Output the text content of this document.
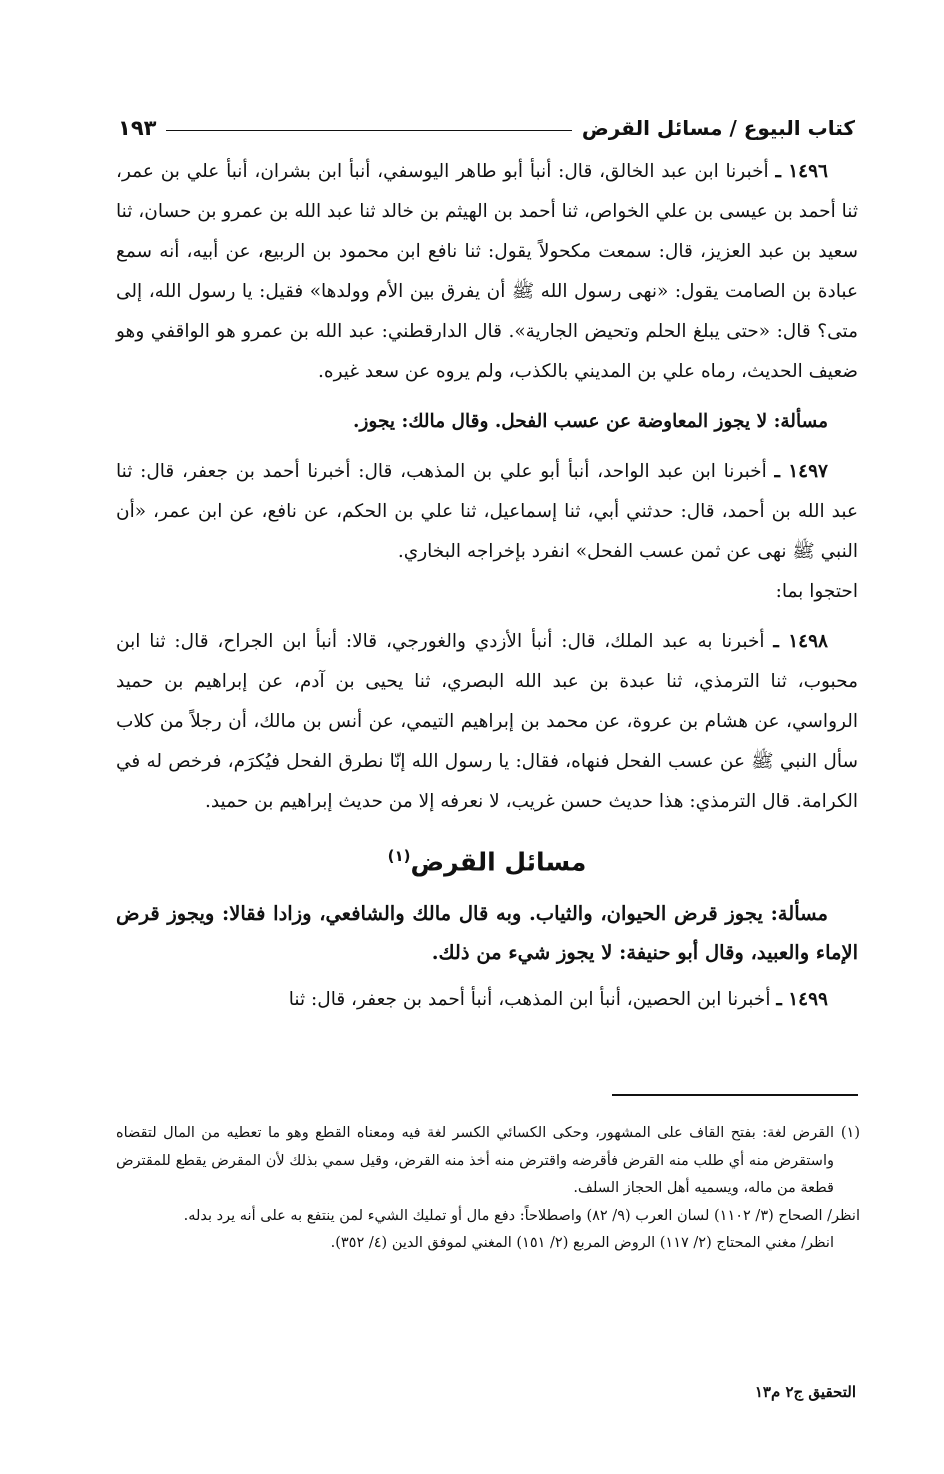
كتاب البيوع / مسائل القرض
١٩٣

١٤٩٦ ـ أخبرنا ابن عبد الخالق، قال: أنبأ أبو طاهر اليوسفي، أنبأ ابن بشران، أنبأ علي بن عمر، ثنا أحمد بن عيسى بن علي الخواص، ثنا أحمد بن الهيثم بن خالد ثنا عبد الله بن عمرو بن حسان، ثنا سعيد بن عبد العزيز، قال: سمعت مكحولاً يقول: ثنا نافع ابن محمود بن الربيع، عن أبيه، أنه سمع عبادة بن الصامت يقول: «نهى رسول الله ﷺ أن يفرق بين الأم وولدها» فقيل: يا رسول الله، إلى متى؟ قال: «حتى يبلغ الحلم وتحيض الجارية». قال الدارقطني: عبد الله بن عمرو هو الواقفي وهو ضعيف الحديث، رماه علي بن المديني بالكذب، ولم يروه عن سعد غيره.

مسألة: لا يجوز المعاوضة عن عسب الفحل. وقال مالك: يجوز.

١٤٩٧ ـ أخبرنا ابن عبد الواحد، أنبأ أبو علي بن المذهب، قال: أخبرنا أحمد بن جعفر، قال: ثنا عبد الله بن أحمد، قال: حدثني أبي، ثنا إسماعيل، ثنا علي بن الحكم، عن نافع، عن ابن عمر، «أن النبي ﷺ نهى عن ثمن عسب الفحل» انفرد بإخراجه البخاري.

احتجوا بما:

١٤٩٨ ـ أخبرنا به عبد الملك، قال: أنبأ الأزدي والغورجي، قالا: أنبأ ابن الجراح، قال: ثنا ابن محبوب، ثنا الترمذي، ثنا عبدة بن عبد الله البصري، ثنا يحيى بن آدم، عن إبراهيم بن حميد الرواسي، عن هشام بن عروة، عن محمد بن إبراهيم التيمي، عن أنس بن مالك، أن رجلاً من كلاب سأل النبي ﷺ عن عسب الفحل فنهاه، فقال: يا رسول الله إنّا نطرق الفحل فيُكرَم، فرخص له في الكرامة. قال الترمذي: هذا حديث حسن غريب، لا نعرفه إلا من حديث إبراهيم بن حميد.

مسائل القرض$^{(١)}$

مسألة: يجوز قرض الحيوان، والثياب. وبه قال مالك والشافعي، وزادا فقالا: ويجوز قرض الإماء والعبيد، وقال أبو حنيفة: لا يجوز شيء من ذلك.

١٤٩٩ ـ أخبرنا ابن الحصين، أنبأ ابن المذهب، أنبأ أحمد بن جعفر، قال: ثنا

(١)
القرض لغة: بفتح القاف على المشهور، وحكى الكسائي الكسر لغة فيه ومعناه القطع وهو ما تعطيه من المال لتقضاه واستقرض منه أي طلب منه القرض فأقرضه واقترض منه أخذ منه القرض، وقيل سمي بذلك لأن المقرض يقطع للمقترض قطعة من ماله، ويسميه أهل الحجاز السلف.

انظر/ الصحاح (٣/ ١١٠٢) لسان العرب (٩/ ٨٢) واصطلاحاً: دفع مال أو تمليك الشيء لمن ينتفع به على أنه يرد بدله.

انظر/ مغني المحتاج (٢/ ١١٧) الروض المربع (٢/ ١٥١) المغني لموفق الدين (٤/ ٣٥٢).

التحقيق ج٢ م١٣
